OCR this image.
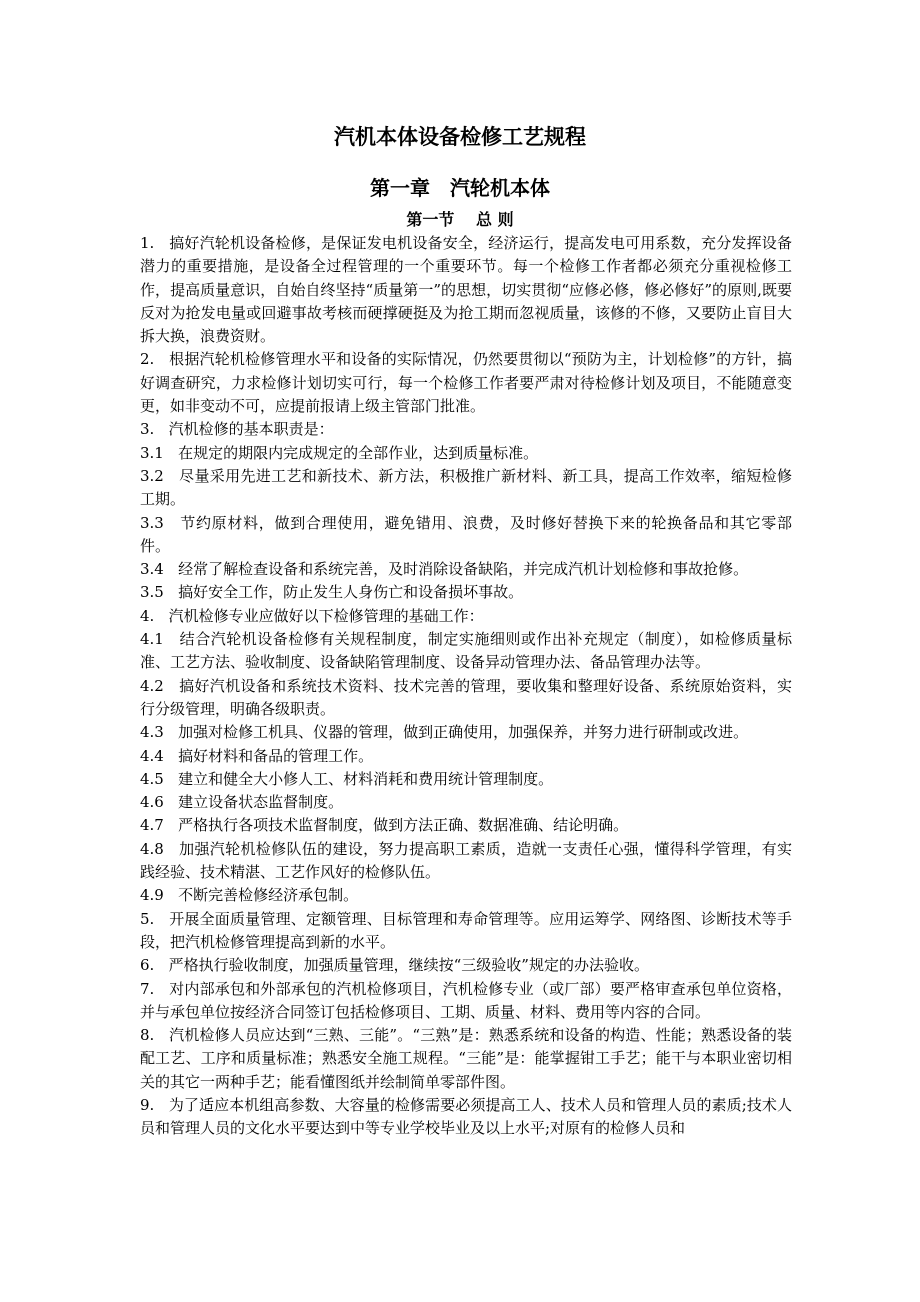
汽机本体设备检修工艺规程
第一章　汽轮机本体
第一节　 总 则

1.   搞好汽轮机设备检修，是保证发电机设备安全，经济运行，提高发电可用系数，充分发挥设备潜力的重要措施，是设备全过程管理的一个重要环节。每一个检修工作者都必须充分重视检修工作，提高质量意识，自始自终坚持“质量第一”的思想，切实贯彻“应修必修，修必修好”的原则,既要反对为抢发电量或回避事故考核而硬撑硬挺及为抢工期而忽视质量，该修的不修，又要防止盲目大拆大换，浪费资财。

2.   根据汽轮机检修管理水平和设备的实际情况，仍然要贯彻以“预防为主，计划检修”的方针，搞好调查研究，力求检修计划切实可行，每一个检修工作者要严肃对待检修计划及项目，不能随意变更，如非变动不可，应提前报请上级主管部门批准。

3.   汽机检修的基本职责是：

3.1   在规定的期限内完成规定的全部作业，达到质量标准。

3.2   尽量采用先进工艺和新技术、新方法，积极推广新材料、新工具，提高工作效率，缩短检修工期。

3.3   节约原材料，做到合理使用，避免错用、浪费，及时修好替换下来的轮换备品和其它零部件。

3.4   经常了解检查设备和系统完善，及时消除设备缺陷，并完成汽机计划检修和事故抢修。

3.5   搞好安全工作，防止发生人身伤亡和设备损坏事故。

4.   汽机检修专业应做好以下检修管理的基础工作：

4.1   结合汽轮机设备检修有关规程制度，制定实施细则或作出补充规定（制度），如检修质量标准、工艺方法、验收制度、设备缺陷管理制度、设备异动管理办法、备品管理办法等。

4.2   搞好汽机设备和系统技术资料、技术完善的管理，要收集和整理好设备、系统原始资料，实行分级管理，明确各级职责。

4.3   加强对检修工机具、仪器的管理，做到正确使用，加强保养，并努力进行研制或改进。

4.4   搞好材料和备品的管理工作。

4.5   建立和健全大小修人工、材料消耗和费用统计管理制度。

4.6   建立设备状态监督制度。

4.7   严格执行各项技术监督制度，做到方法正确、数据准确、结论明确。

4.8   加强汽轮机检修队伍的建设，努力提高职工素质，造就一支责任心强，懂得科学管理，有实践经验、技术精湛、工艺作风好的检修队伍。

4.9   不断完善检修经济承包制。

5.   开展全面质量管理、定额管理、目标管理和寿命管理等。应用运筹学、网络图、诊断技术等手段，把汽机检修管理提高到新的水平。

6.   严格执行验收制度，加强质量管理，继续按“三级验收”规定的办法验收。

7.   对内部承包和外部承包的汽机检修项目，汽机检修专业（或厂部）要严格审查承包单位资格，并与承包单位按经济合同签订包括检修项目、工期、质量、材料、费用等内容的合同。

8.   汽机检修人员应达到“三熟、三能”。“三熟”是：熟悉系统和设备的构造、性能；熟悉设备的装配工艺、工序和质量标准；熟悉安全施工规程。“三能”是：能掌握钳工手艺；能干与本职业密切相关的其它一两种手艺；能看懂图纸并绘制简单零部件图。

9.   为了适应本机组高参数、大容量的检修需要必须提高工人、技术人员和管理人员的素质;技术人员和管理人员的文化水平要达到中等专业学校毕业及以上水平;对原有的检修人员和
